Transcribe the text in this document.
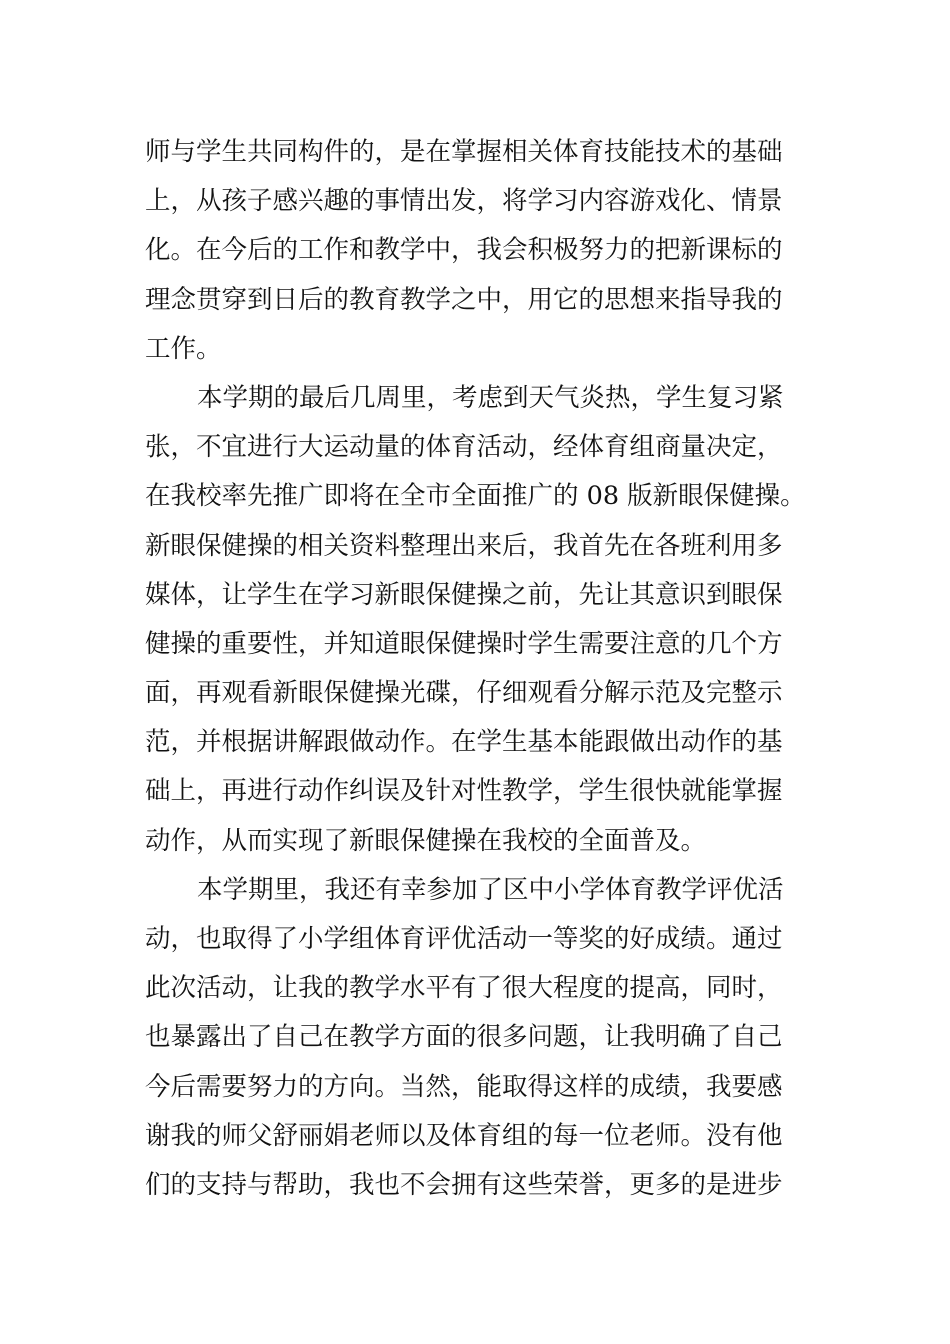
师与学生共同构件的，是在掌握相关体育技能技术的基础
上，从孩子感兴趣的事情出发，将学习内容游戏化、情景
化。在今后的工作和教学中，我会积极努力的把新课标的
理念贯穿到日后的教育教学之中，用它的思想来指导我的
工作。
本学期的最后几周里，考虑到天气炎热，学生复习紧
张，不宜进行大运动量的体育活动，经体育组商量决定，
在我校率先推广即将在全市全面推广的 08 版新眼保健操。
新眼保健操的相关资料整理出来后，我首先在各班利用多
媒体，让学生在学习新眼保健操之前，先让其意识到眼保
健操的重要性，并知道眼保健操时学生需要注意的几个方
面，再观看新眼保健操光碟，仔细观看分解示范及完整示
范，并根据讲解跟做动作。在学生基本能跟做出动作的基
础上，再进行动作纠误及针对性教学，学生很快就能掌握
动作，从而实现了新眼保健操在我校的全面普及。
本学期里，我还有幸参加了区中小学体育教学评优活
动，也取得了小学组体育评优活动一等奖的好成绩。通过
此次活动，让我的教学水平有了很大程度的提高，同时，
也暴露出了自己在教学方面的很多问题，让我明确了自己
今后需要努力的方向。当然，能取得这样的成绩，我要感
谢我的师父舒丽娟老师以及体育组的每一位老师。没有他
们的支持与帮助，我也不会拥有这些荣誉，更多的是进步
